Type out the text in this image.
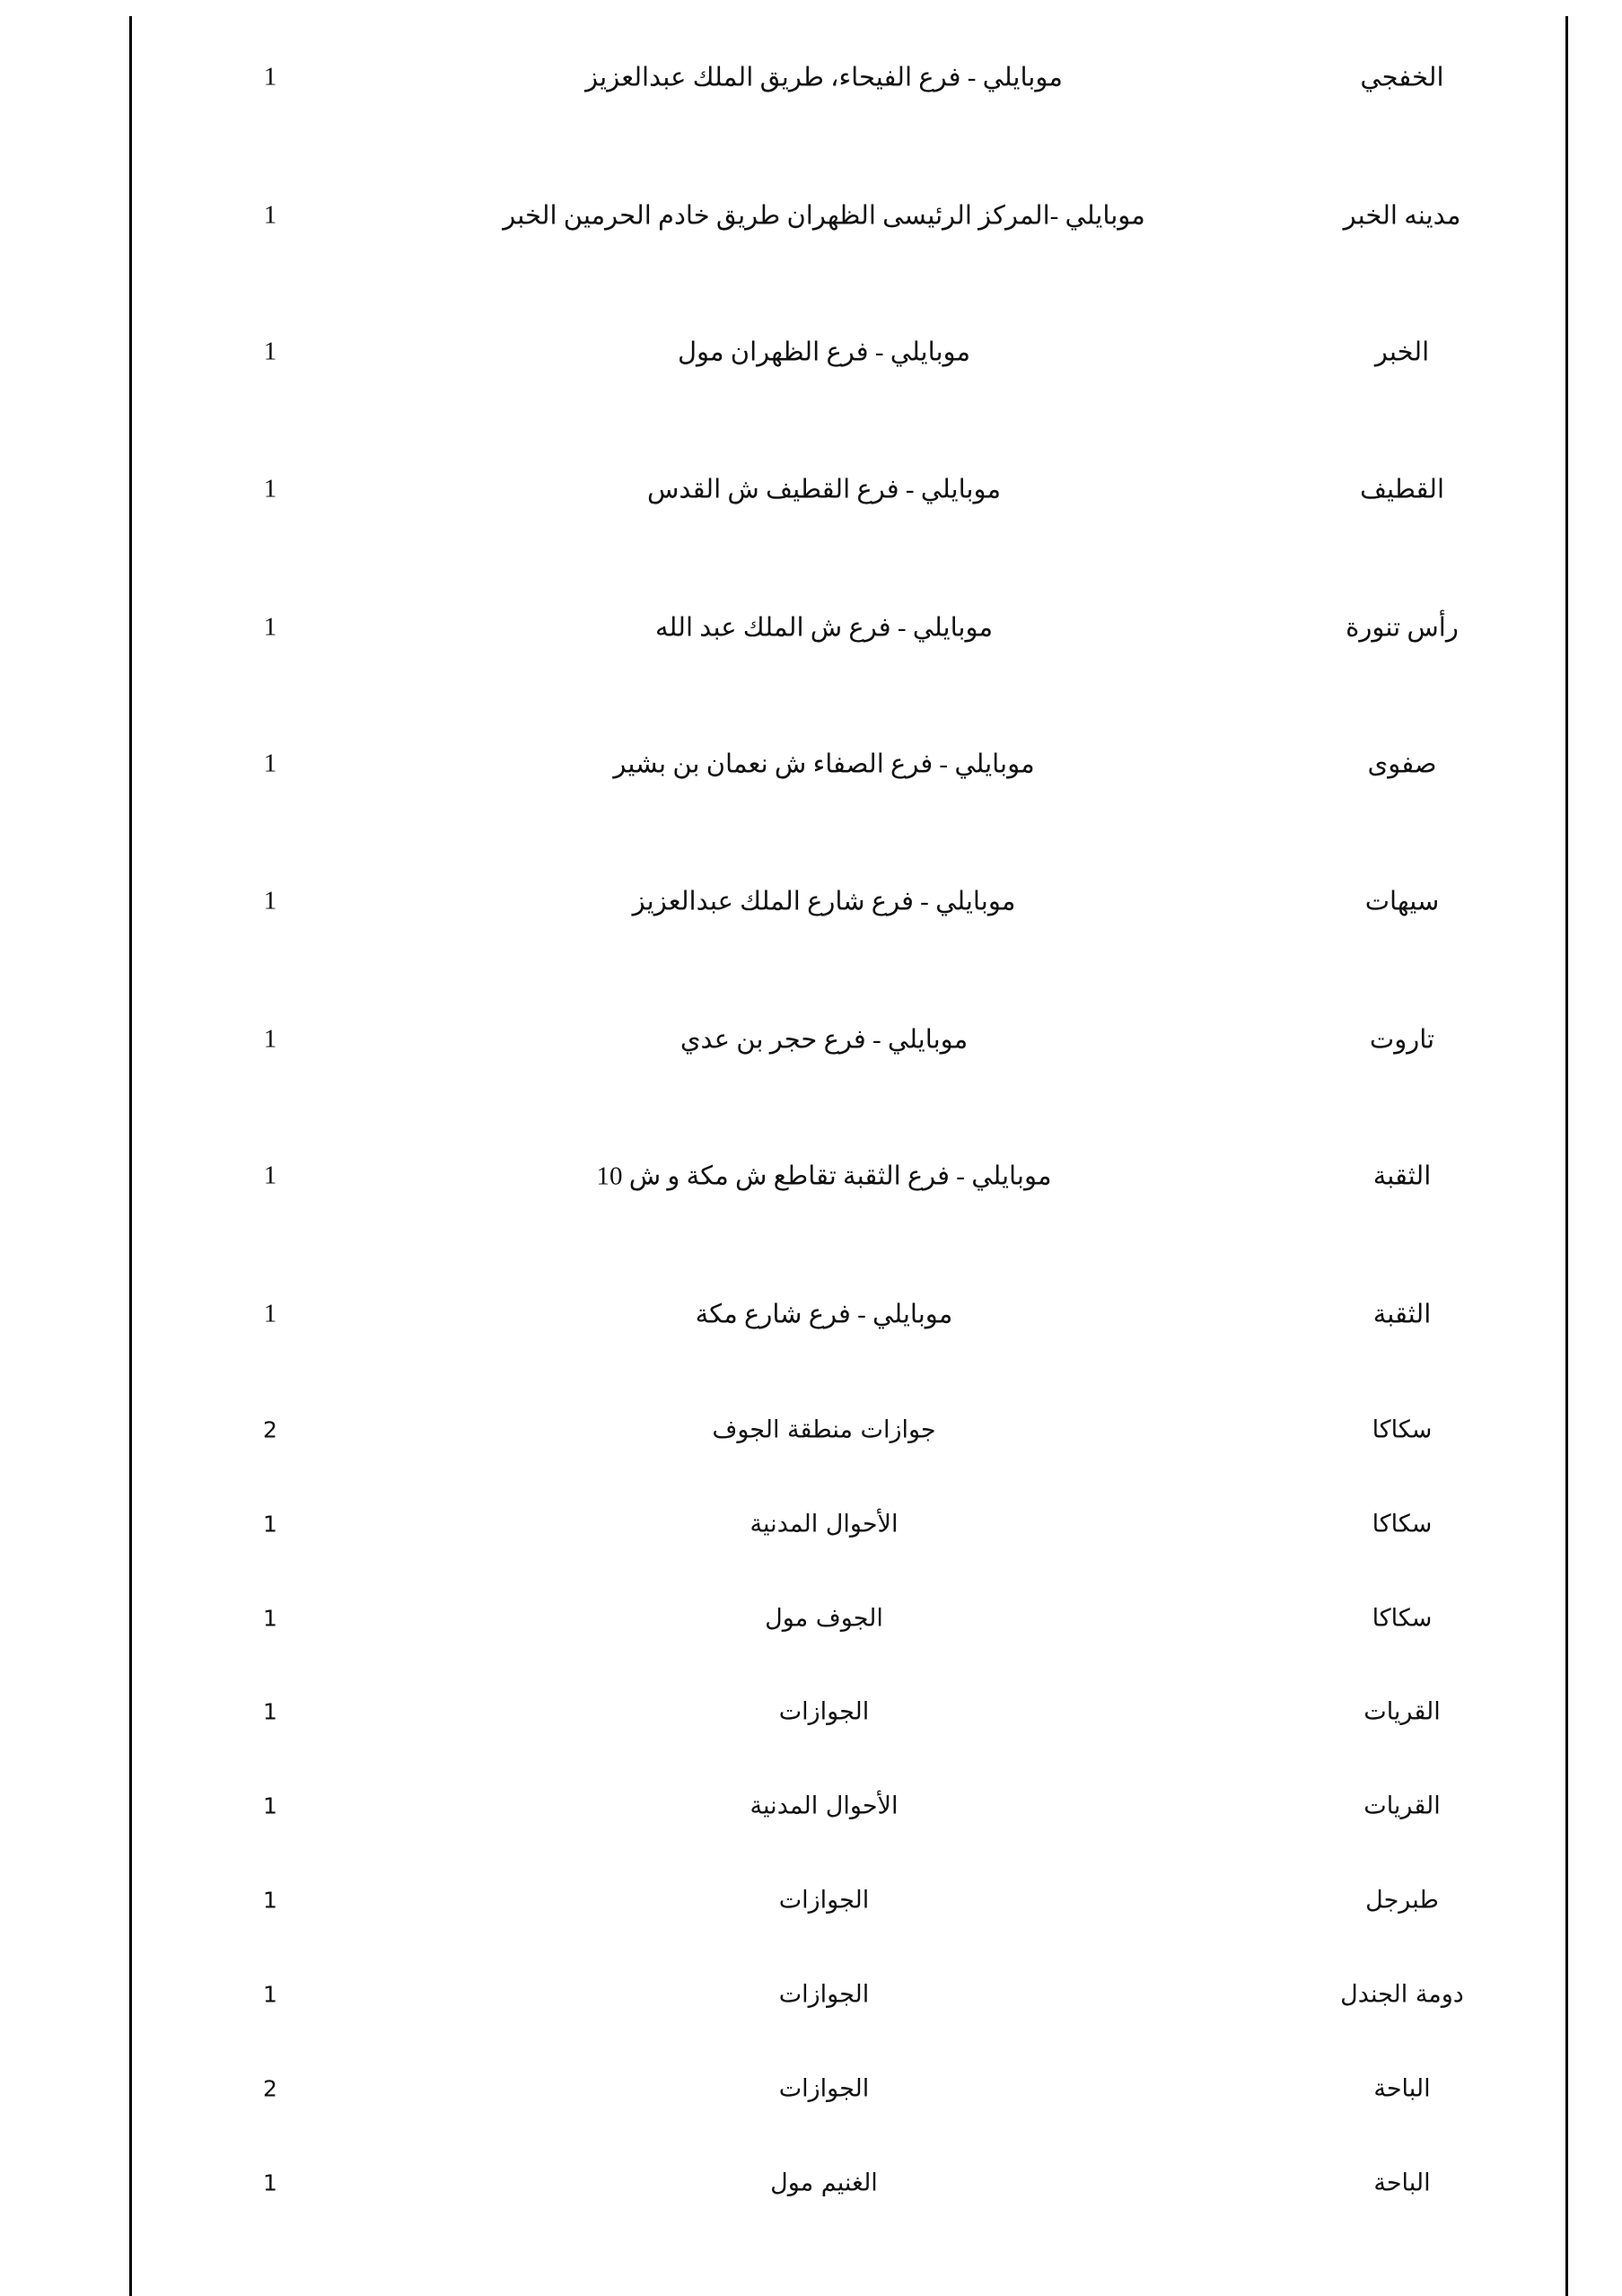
الخفجي
موبايلي - فرع الفيحاء، طريق الملك عبدالعزيز
1
مدينه الخبر
موبايلي -المركز الرئيسى الظهران طريق خادم الحرمين الخبر
1
الخبر
موبايلي - فرع الظهران مول
1
القطيف
موبايلي - فرع القطيف ش القدس
1
رأس تنورة
موبايلي - فرع ش الملك عبد الله
1
صفوى
موبايلي - فرع الصفاء ش نعمان بن بشير
1
سيهات
موبايلي - فرع شارع الملك عبدالعزيز
1
تاروت
موبايلي - فرع حجر بن عدي
1
الثقبة
موبايلي - فرع الثقبة تقاطع ش مكة و ش 10
1
الثقبة
موبايلي - فرع شارع مكة
1
سكاكا
جوازات منطقة الجوف
2
سكاكا
الأحوال المدنية
1
سكاكا
الجوف مول
1
القريات
الجوازات
1
القريات
الأحوال المدنية
1
طبرجل
الجوازات
1
دومة الجندل
الجوازات
1
الباحة
الجوازات
2
الباحة
الغنيم مول
1
